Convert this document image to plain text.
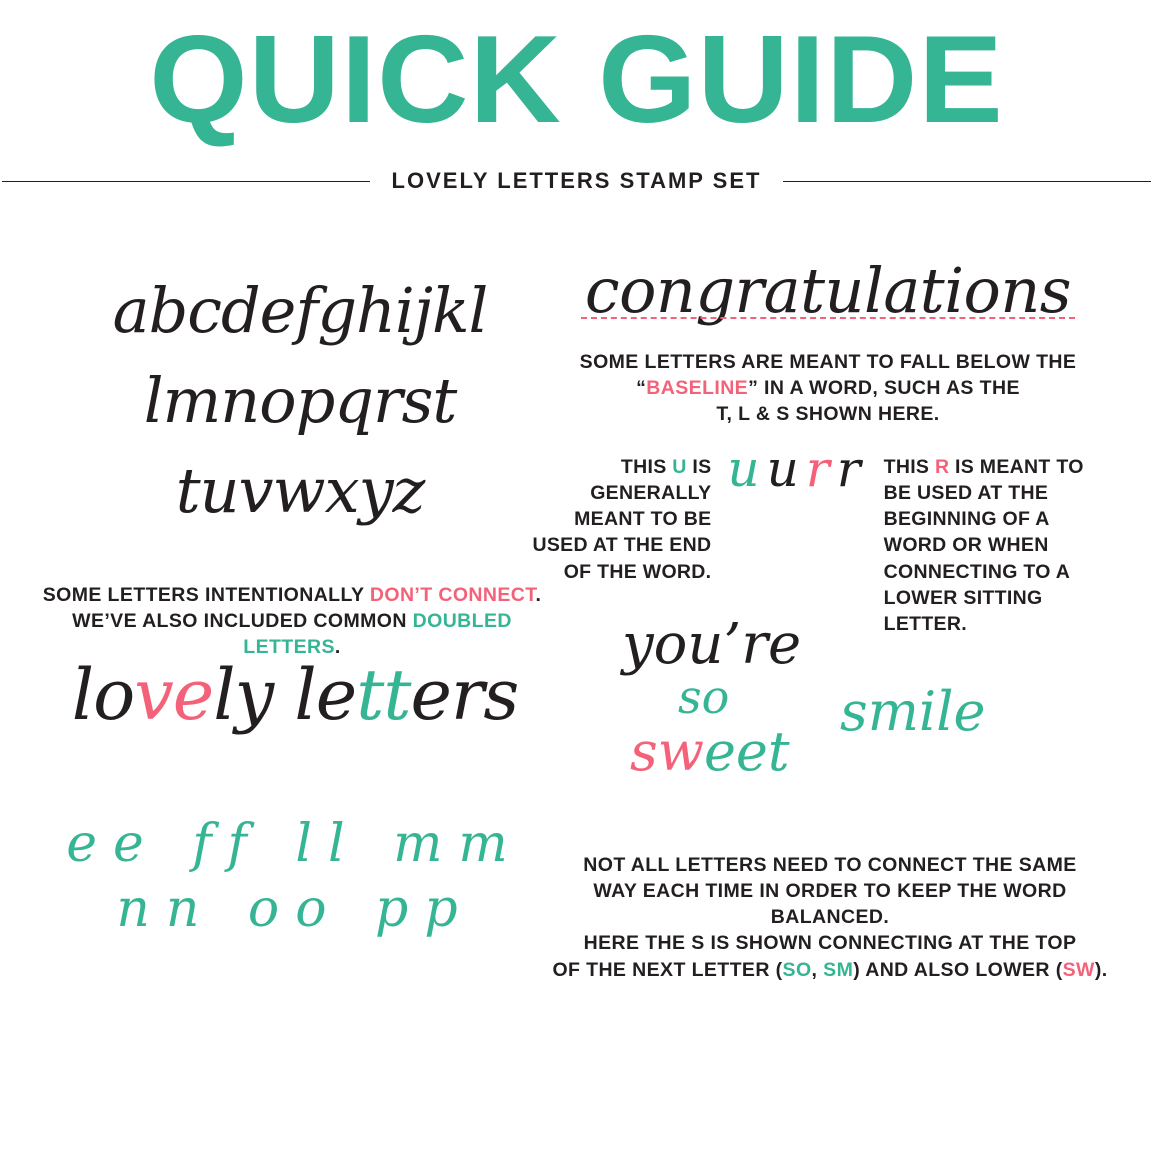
QUICK GUIDE
LOVELY LETTERS STAMP SET
abcdefghijkl
lmnopqrst
tuvwxyz
congratulations
SOME LETTERS ARE MEANT TO FALL BELOW THE
“BASELINE” IN A WORD, SUCH AS THE
T, L & S SHOWN HERE.
THIS U IS GENERALLY MEANT TO BE USED AT THE END OF THE WORD.
uurr THIS R IS MEANT TO BE USED AT THE BEGINNING OF A WORD OR WHEN CONNECTING TO A LOWER SITTING LETTER.
SOME LETTERS INTENTIONALLY DON’T CONNECT.
WE’VE ALSO INCLUDED COMMON DOUBLED LETTERS.
lovely letters
ee ff ll mm
nn oo pp
you’re
so
sweet
smile
NOT ALL LETTERS NEED TO CONNECT THE SAME
WAY EACH TIME IN ORDER TO KEEP THE WORD BALANCED.
HERE THE S IS SHOWN CONNECTING AT THE TOP
OF THE NEXT LETTER (SO, SM) AND ALSO LOWER (SW).
